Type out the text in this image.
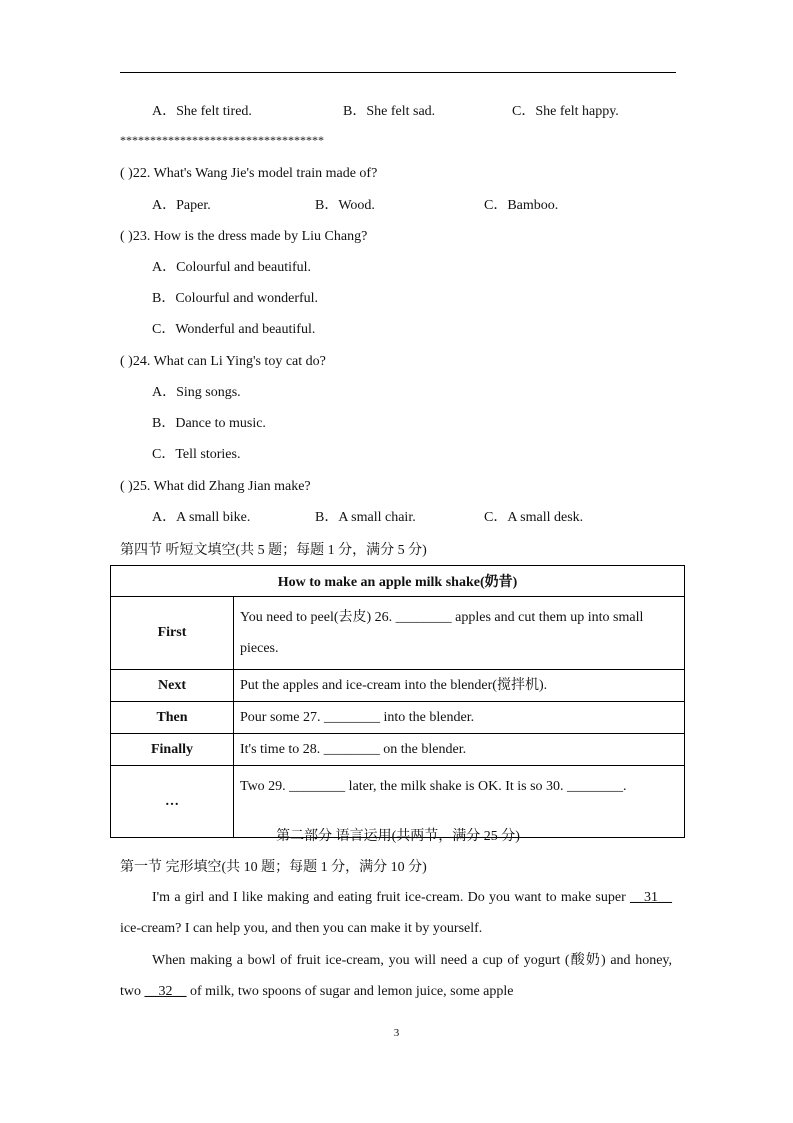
A．She felt tired.	B．She felt sad.	C．She felt happy.
**********************************
( )22. What's Wang Jie's model train made of?
A．Paper.	B．Wood.	C．Bamboo.
( )23. How is the dress made by Liu Chang?
A．Colourful and beautiful.
B．Colourful and wonderful.
C．Wonderful and beautiful.
( )24. What can Li Ying's toy cat do?
A．Sing songs.
B．Dance to music.
C．Tell stories.
( )25. What did Zhang Jian make?
A．A small bike.	B．A small chair.	C．A small desk.
第四节 听短文填空(共 5 题；每题 1 分，满分 5 分)
How to make an apple milk shake(奶昔)	
First	You need to peel(去皮) 26. ________ apples and cut them up into small pieces.
Next	Put the apples and ice-cream into the blender(搅拌机).
Then	Pour some 27. ________ into the blender.
Finally	It's time to 28. ________ on the blender.
…	Two 29. ________ later, the milk shake is OK. It is so 30. ________.
第二部分 语言运用(共两节，满分 25 分)
第一节 完形填空(共 10 题；每题 1 分，满分 10 分)
I'm a girl and I like making and eating fruit ice-cream. Do you want to make super __31__ ice-cream? I can help you, and then you can make it by yourself.
When making a bowl of fruit ice-cream, you will need a cup of yogurt (酸奶) and honey, two __32__ of milk, two spoons of sugar and lemon juice, some apple
3
